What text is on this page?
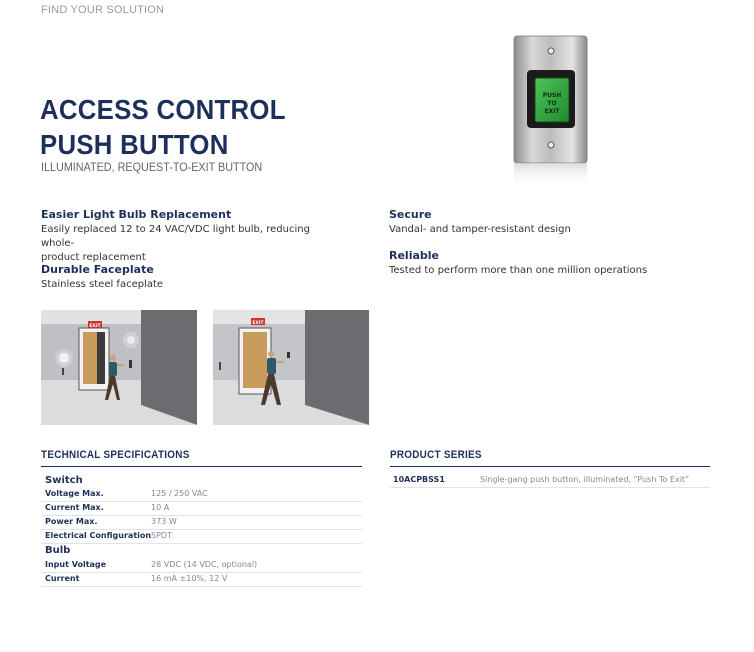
FIND YOUR SOLUTION
PUSH
TO
EXIT
ACCESS CONTROL
PUSH BUTTON
ILLUMINATED, REQUEST-TO-EXIT BUTTON
Easier Light Bulb Replacement

Easily replaced 12 to 24 VAC/VDC light bulb, reducing whole-
product replacement

Durable Faceplate

Stainless steel faceplate

Secure

Vandal- and tamper-resistant design

Reliable

Tested to perform more than one million operations

EXIT
EXIT
TECHNICAL SPECIFICATIONS
Switch
Voltage Max.	125 / 250 VAC
Current Max.	10 A
Power Max.	373 W
Electrical Configuration SPDT
Bulb
Input Voltage	28 VDC (14 VDC, optional)
Current	16 mA ±10%, 12 V
PRODUCT SERIES
10ACPBSS1	Single-gang push button, illuminated, “Push To Exit”
